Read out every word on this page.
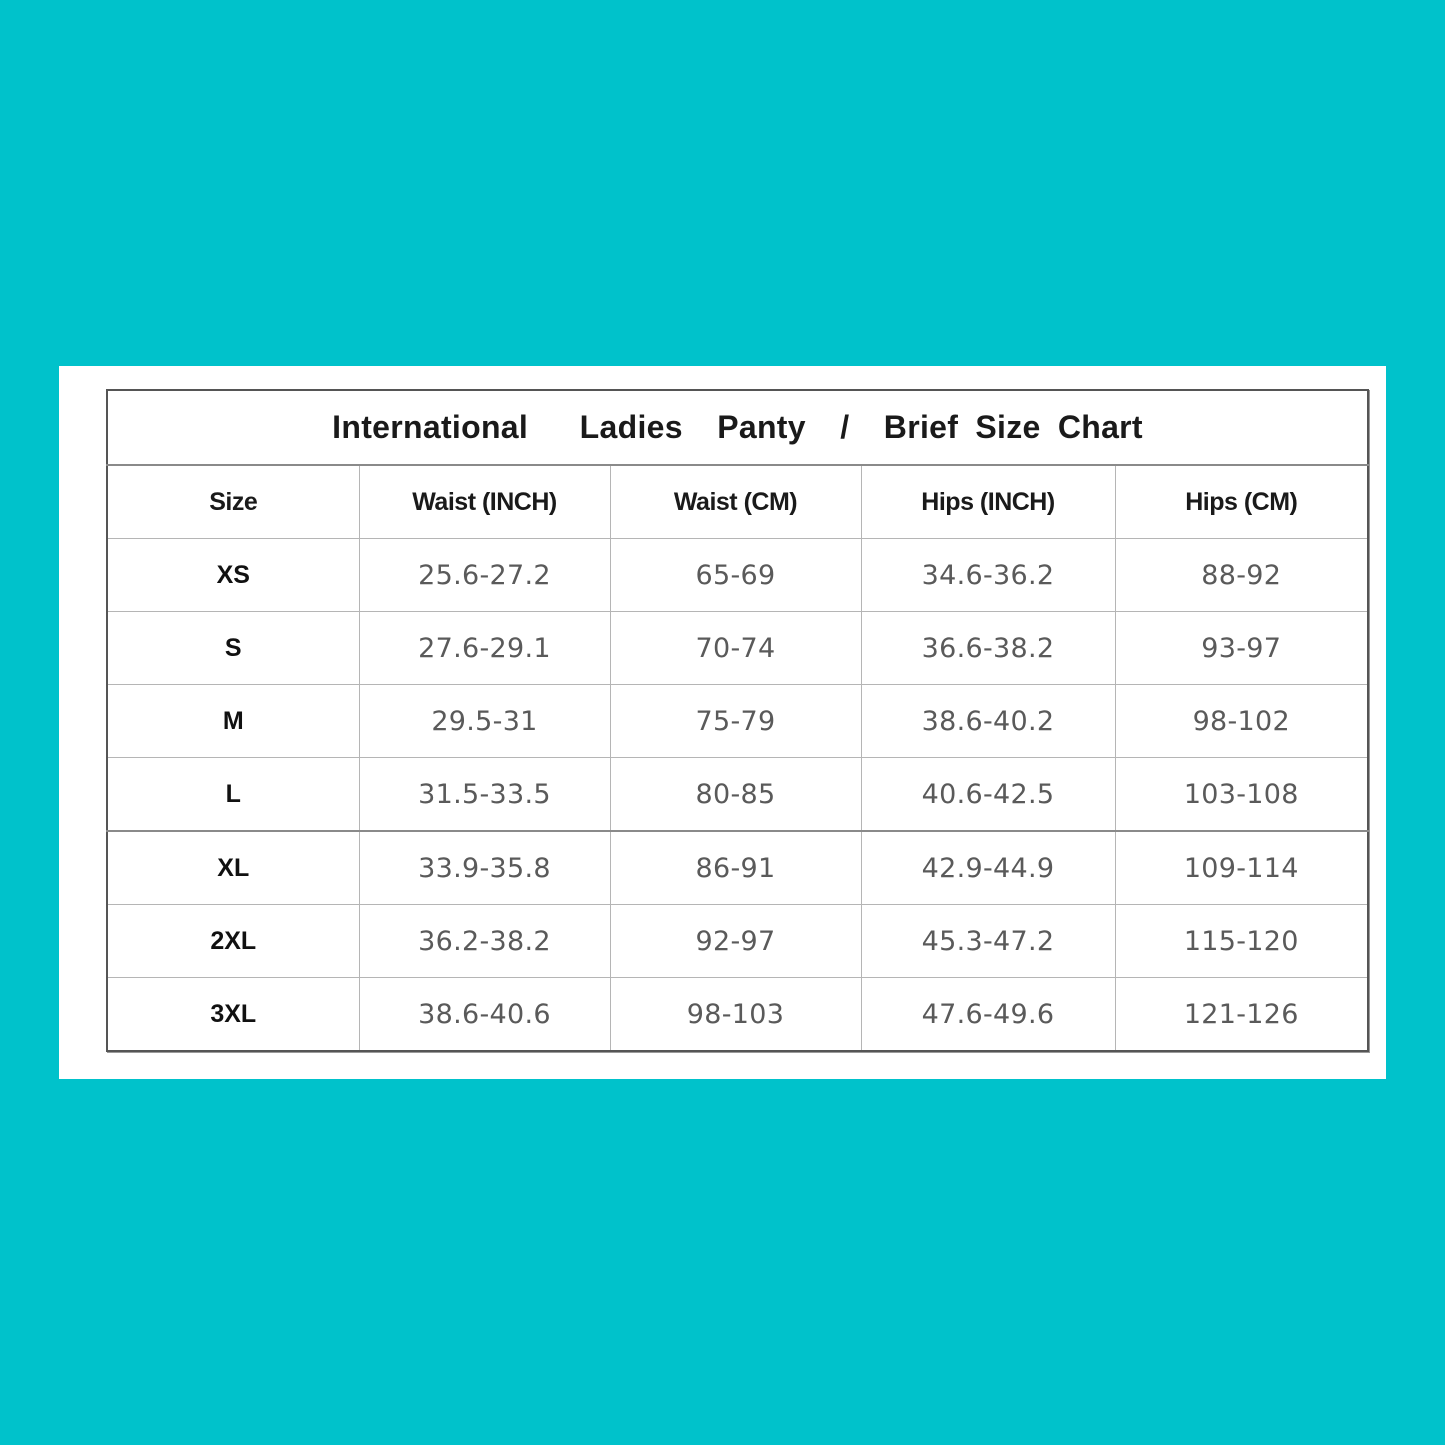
International   Ladies  Panty  /  Brief Size Chart				
Size	Waist (INCH)	Waist (CM)	Hips (INCH)	Hips (CM)
XS	25.6-27.2	65-69	34.6-36.2	88-92
S	27.6-29.1	70-74	36.6-38.2	93-97
M	29.5-31	75-79	38.6-40.2	98-102
L	31.5-33.5	80-85	40.6-42.5	103-108
XL	33.9-35.8	86-91	42.9-44.9	109-114
2XL	36.2-38.2	92-97	45.3-47.2	115-120
3XL	38.6-40.6	98-103	47.6-49.6	121-126
